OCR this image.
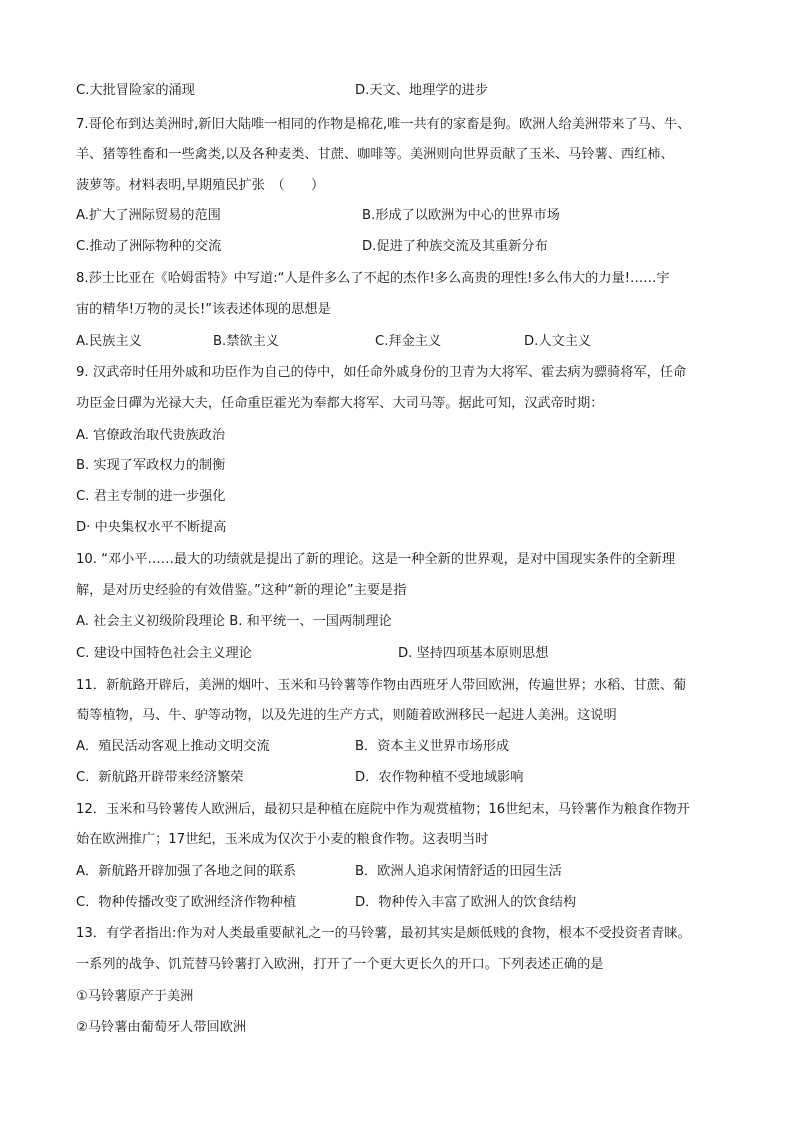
C.大批冒险家的涌现	D.天文、地理学的进步
7.哥伦布到达美洲时,新旧大陆唯一相同的作物是棉花,唯一共有的家畜是狗。欧洲人给美洲带来了马、牛、
羊、猪等牲畜和一些禽类,以及各种麦类、甘蔗、咖啡等。美洲则向世界贡献了玉米、马铃薯、西红柿、
菠萝等。材料表明,早期殖民扩张　（　　）
A.扩大了洲际贸易的范围	B.形成了以欧洲为中心的世界市场
C.推动了洲际物种的交流	D.促进了种族交流及其重新分布
8.莎士比亚在《哈姆雷特》中写道:“人是件多么了不起的杰作!多么高贵的理性!多么伟大的力量!……宇
宙的精华!万物的灵长!”该表述体现的思想是
A.民族主义	B.禁欲主义	C.拜金主义	D.人文主义
9. 汉武帝时任用外戚和功臣作为自己的侍中，如任命外戚身份的卫青为大将军、霍去病为骠骑将军，任命
功臣金日磾为光禄大夫，任命重臣霍光为奉都大将军、大司马等。据此可知，汉武帝时期：
A. 官僚政治取代贵族政治
B. 实现了军政权力的制衡
C. 君主专制的进一步强化
D· 中央集权水平不断提高
10. “邓小平……最大的功绩就是提出了新的理论。这是一种全新的世界观，是对中国现实条件的全新理
解，是对历史经验的有效借鉴。”这种“新的理论”主要是指
A. 社会主义初级阶段理论 B. 和平统一、一国两制理论
C. 建设中国特色社会主义理论	D. 坚持四项基本原则思想
11．新航路开辟后，美洲的烟叶、玉米和马铃薯等作物由西班牙人带回欧洲，传遍世界；水稻、甘蔗、葡
萄等植物，马、牛、驴等动物，以及先进的生产方式，则随着欧洲移民一起进人美洲。这说明
A．殖民活动客观上推动文明交流	B．资本主义世界市场形成
C．新航路开辟带来经济繁荣	D．农作物种植不受地域影响
12．玉米和马铃薯传人欧洲后，最初只是种植在庭院中作为观赏植物；16世纪末，马铃薯作为粮食作物开
始在欧洲推广；17世纪，玉米成为仅次于小麦的粮食作物。这表明当时
A．新航路开辟加强了各地之间的联系	B．欧洲人追求闲情舒适的田园生活
C．物种传播改变了欧洲经济作物种植	D．物种传入丰富了欧洲人的饮食结构
13．有学者指出:作为对人类最重要献礼之一的马铃薯，最初其实是颇低贱的食物，根本不受投资者青睐。
一系列的战争、饥荒替马铃薯打入欧洲，打开了一个更大更长久的开口。下列表述正确的是
①马铃薯原产于美洲
②马铃薯由葡萄牙人带回欧洲
